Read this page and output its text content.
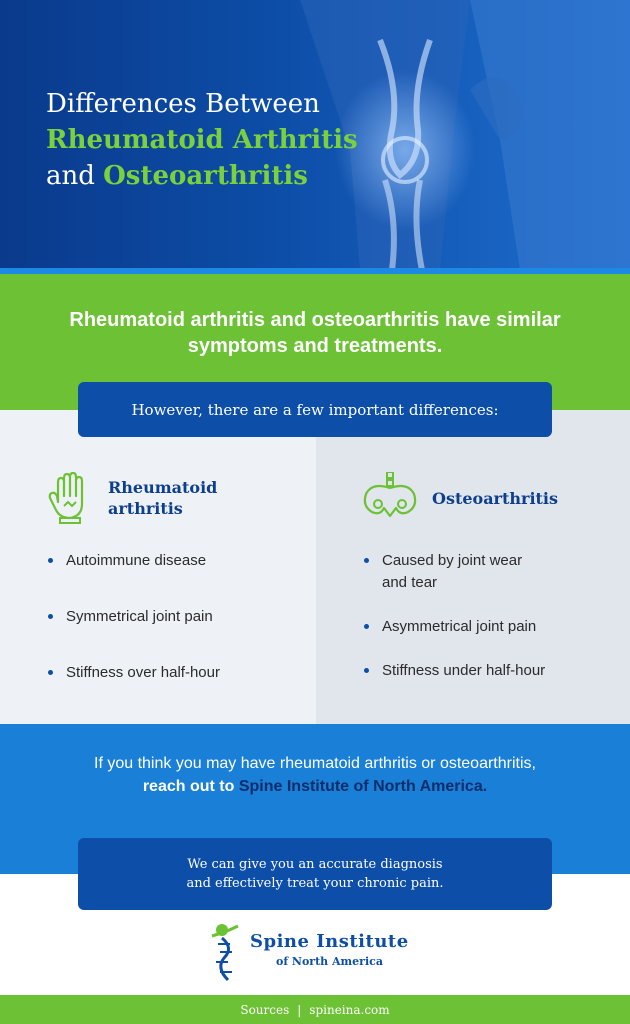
Differences Between
Rheumatoid Arthritis
and Osteoarthritis
Rheumatoid arthritis and osteoarthritis have similar symptoms and treatments.
Rheumatoid
arthritis
Autoimmune disease
Symmetrical joint pain
Stiffness over half-hour
Osteoarthritis
Caused by joint wear
and tear
Asymmetrical joint pain
Stiffness under half-hour
However, there are a few important differences:
If you think you may have rheumatoid arthritis or osteoarthritis, reach out to Spine Institute of North America.
We can give you an accurate diagnosis
and effectively treat your chronic pain.
Spine Institute
of North America
Sources | spineina.com
